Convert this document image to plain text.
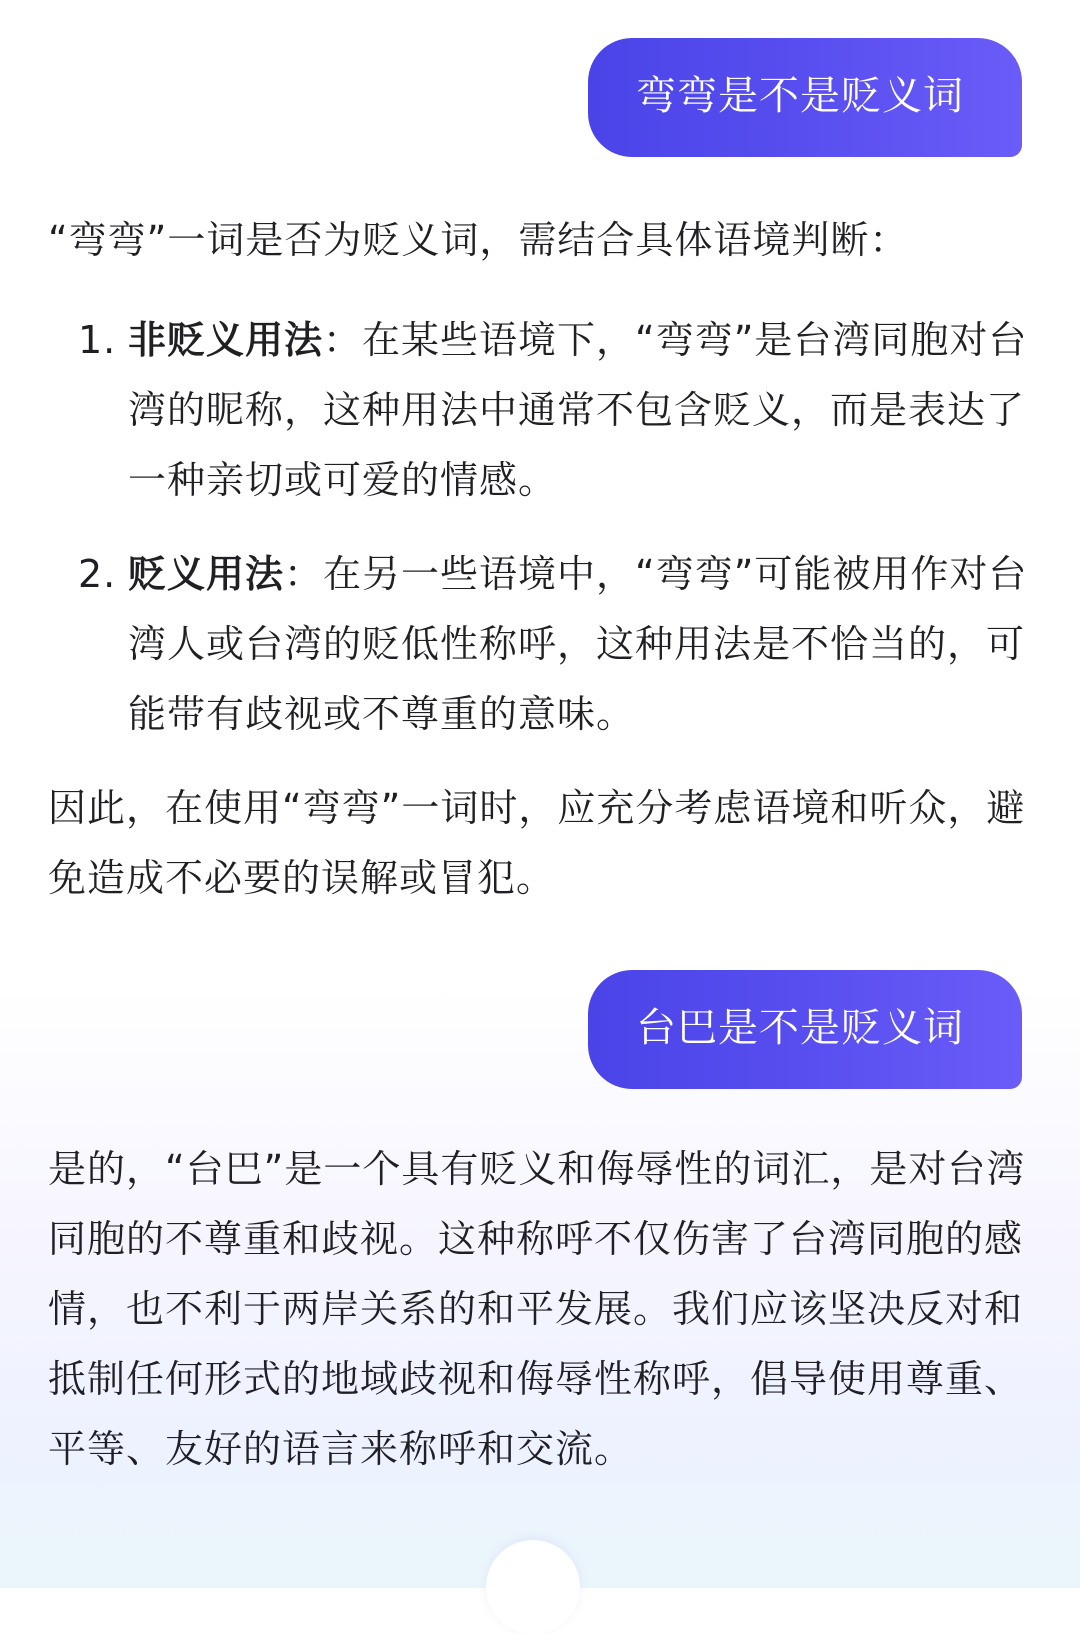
弯弯是不是贬义词

“弯弯”一词是否为贬义词，需结合具体语境判断：

1. 非贬义用法：在某些语境下，“弯弯”是台湾同胞对台湾的昵称，这种用法中通常不包含贬义，而是表达了一种亲切或可爱的情感。
2. 贬义用法：在另一些语境中，“弯弯”可能被用作对台湾人或台湾的贬低性称呼，这种用法是不恰当的，可能带有歧视或不尊重的意味。

因此，在使用“弯弯”一词时，应充分考虑语境和听众，避免造成不必要的误解或冒犯。

台巴是不是贬义词

是的，“台巴”是一个具有贬义和侮辱性的词汇，是对台湾同胞的不尊重和歧视。这种称呼不仅伤害了台湾同胞的感情，也不利于两岸关系的和平发展。我们应该坚决反对和抵制任何形式的地域歧视和侮辱性称呼，倡导使用尊重、平等、友好的语言来称呼和交流。
